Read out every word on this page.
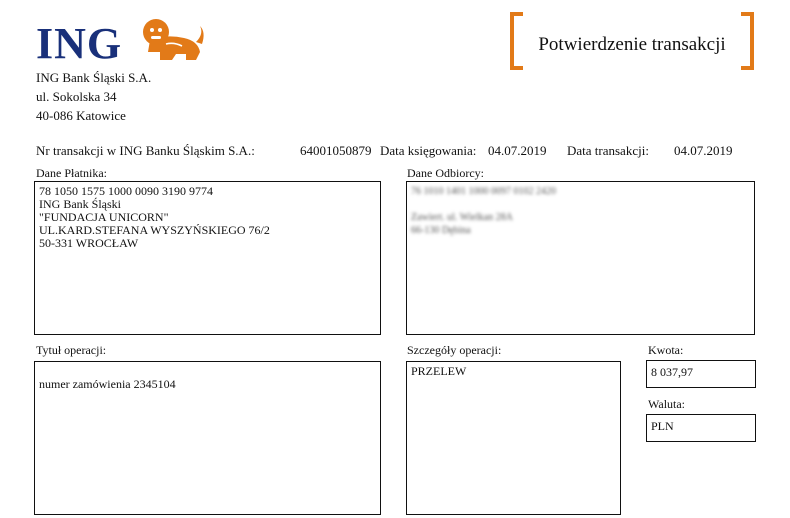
ING
ING Bank Śląski S.A.
ul. Sokolska 34
40-086 Katowice
Potwierdzenie transakcji
Nr transakcji w ING Banku Śląskim S.A.:	64001050879 Data księgowania: 04.07.2019 Data transakcji: 04.07.2019
Dane Płatnika:
78 1050 1575 1000 0090 3190 9774
ING Bank Śląski
"FUNDACJA UNICORN"
UL.KARD.STEFANA WYSZYŃSKIEGO 76/2
50-331 WROCŁAW
Dane Odbiorcy:
76 1010 1401 1000 0097 0102 2420
Zawiert. ul. Wielkan 28A
66-130 Dębina
Tytuł operacji:
numer zamówienia 2345104
Szczegóły operacji:
PRZELEW
Kwota:
8 037,97
Waluta:
PLN
